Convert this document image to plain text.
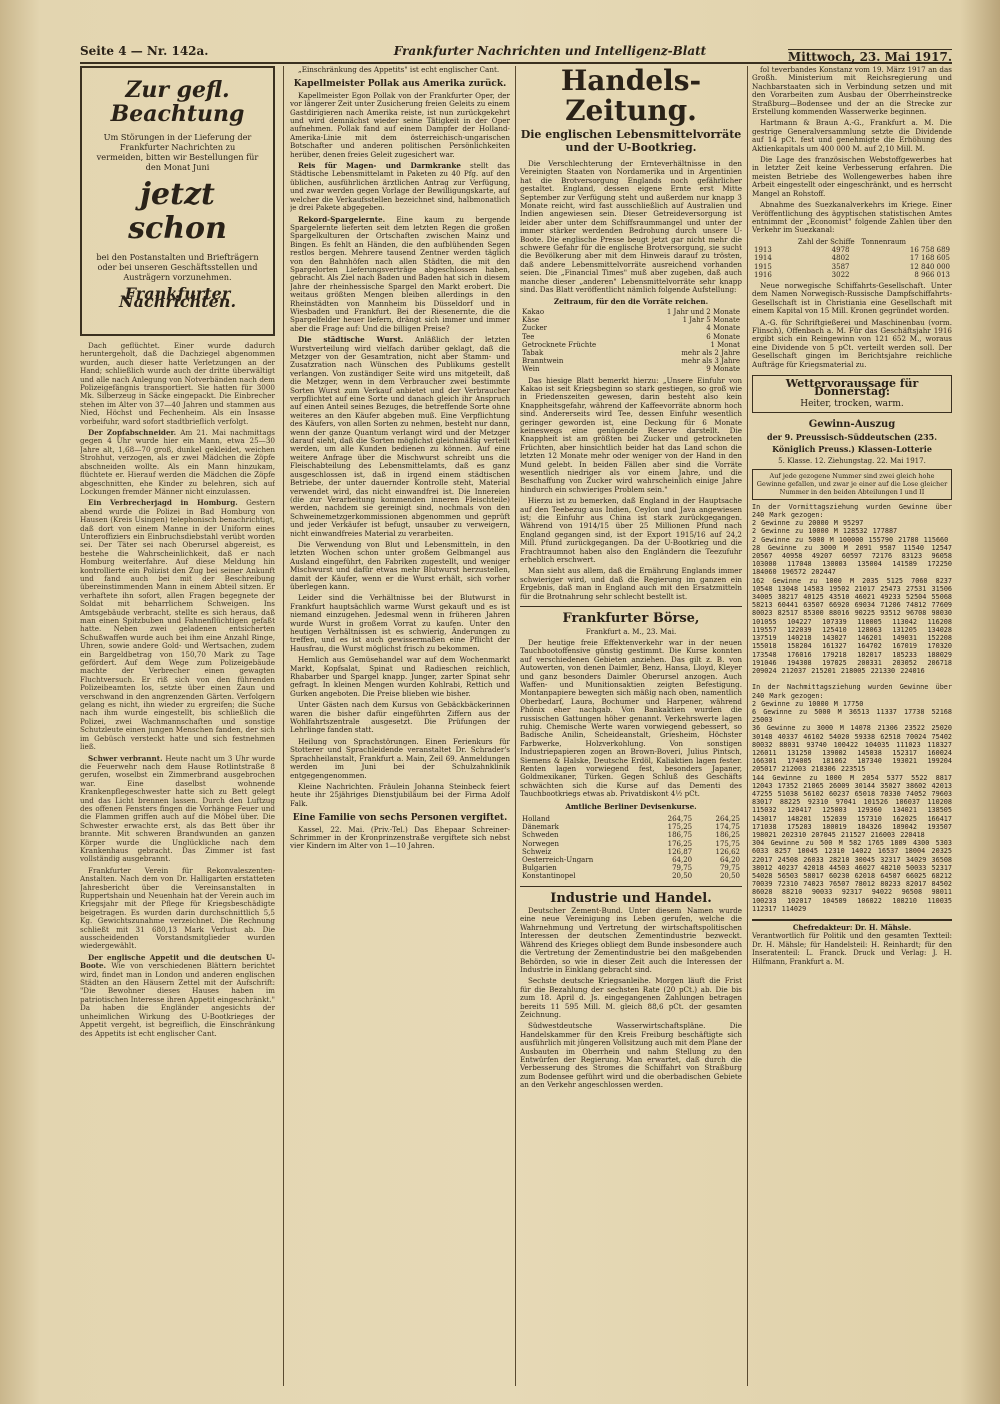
Seite 4 — Nr. 142a.	Frankfurter Nachrichten und Intelligenz-Blatt	Mittwoch, 23. Mai 1917.
Zur gefl. Beachtung
Um Störungen in der Lieferung der Frankfurter Nachrichten zu vermeiden, bitten wir Bestellungen für den Monat Juni
jetzt schon
bei den Postanstalten und Briefträgern oder bei unseren Geschäftsstellen und Austrägern vorzunehmen.
Frankfurter Nachrichten.

Dach geflüchtet. Einer wurde dadurch heruntergeholt, daß die Dachziegel abgenommen wurden, auch dieser hatte Verletzungen an der Hand; schließlich wurde auch der dritte überwältigt und alle nach Anlegung von Notverbänden nach dem Polizeigefängnis transportiert. Sie hatten für 3000 Mk. Silberzeug in Säcke eingepackt. Die Einbrecher stehen im Alter von 37—40 Jahren und stammen aus Nied, Höchst und Fechenheim. Als ein Insasse vorbeifuhr, ward sofort stadtbrieflich verfolgt.

Der Zopfabschneider. Am 21. Mai nachmittags gegen 4 Uhr wurde hier ein Mann, etwa 25—30 Jahre alt, 1,68—70 groß, dunkel gekleidet, weichen Strohhut, verzogen, als er zwei Mädchen die Zöpfe abschneiden wollte. Als ein Mann hinzukam, flüchtete er. Hierauf werden die Mädchen die Zöpfe abgeschnitten, ehe Kinder zu belehren, sich auf Lockungen fremder Männer nicht einzulassen.

Ein Verbrecherjagd in Homburg. Gestern abend wurde die Polizei in Bad Homburg von Hausen (Kreis Usingen) telephonisch benachrichtigt, daß dort von einem Manne in der Uniform eines Unteroffiziers ein Einbruchsdiebstahl verübt worden sei. Der Täter sei nach Oberursel abgereist, es bestehe die Wahrscheinlichkeit, daß er nach Homburg weiterfahre. Auf diese Meldung hin kontrollierte ein Polizist den Zug bei seiner Ankunft und fand auch bei mit der Beschreibung übereinstimmenden Mann in einem Abteil sitzen. Er verhaftete ihn sofort, allen Fragen begegnete der Soldat mit beharrlichem Schweigen. Ins Amtsgebäude verbracht, stellte es sich heraus, daß man einen Spitzbuben und Fahnenflüchtigen gefaßt hatte. Neben zwei geladenen entsicherten Schußwaffen wurde auch bei ihm eine Anzahl Ringe, Uhren, sowie andere Gold- und Wertsachen, zudem ein Bargeldbetrag von 150,70 Mark zu Tage gefördert. Auf dem Wege zum Polizeigebäude machte der Verbrecher einen gewagten Fluchtversuch. Er riß sich von den führenden Polizeibeamten los, setzte über einen Zaun und verschwand in den angrenzenden Gärten. Verfolgern gelang es nicht, ihn wieder zu ergreifen; die Suche nach ihm wurde eingestellt, bis schließlich die Polizei, zwei Wachmannschaften und sonstige Schutzleute einen jungen Menschen fanden, der sich im Gebüsch versteckt hatte und sich festnehmen ließ.

Schwer verbrannt. Heute nacht um 3 Uhr wurde die Feuerwehr nach dem Hause Rotlintstraße 8 gerufen, woselbst ein Zimmerbrand ausgebrochen war. Eine daselbst wohnende Krankenpflegeschwester hatte sich zu Bett gelegt und das Licht brennen lassen. Durch den Luftzug des offenen Fensters fingen die Vorhänge Feuer und die Flammen griffen auch auf die Möbel über. Die Schwester erwachte erst, als das Bett über ihr brannte. Mit schweren Brandwunden an ganzen Körper wurde die Unglückliche nach dem Krankenhaus gebracht. Das Zimmer ist fast vollständig ausgebrannt.

Frankfurter Verein für Rekonvaleszenten-Anstalten. Nach dem von Dr. Halligarten erstatteten Jahresbericht über die Vereinsanstalten in Ruppertshain und Neuenhain hat der Verein auch im Kriegsjahr mit der Pflege für Kriegsbeschädigte beigetragen. Es wurden darin durchschnittlich 5,5 Kg. Gewichtszunahme verzeichnet. Die Rechnung schließt mit 31 680,13 Mark Verlust ab. Die ausscheidenden Vorstandsmitglieder wurden wiedergewählt.

Der englische Appetit und die deutschen U-Boote. Wie von verschiedenen Blättern berichtet wird, findet man in London und anderen englischen Städten an den Häusern Zettel mit der Aufschrift: "Die Bewohner dieses Hauses haben im patriotischen Interesse ihren Appetit eingeschränkt." Da haben die Engländer angesichts der unheimlichen Wirkung des U-Bootkrieges der Appetit vergeht, ist begreiflich, die Einschränkung des Appetits ist echt englischer Cant.

„Einschränkung des Appetits" ist echt englischer Cant.

Kapellmeister Pollak aus Amerika zurück.

Kapellmeister Egon Pollak von der Frankfurter Oper, der vor längerer Zeit unter Zusicherung freien Geleits zu einem Gastdirigieren nach Amerika reiste, ist nun zurückgekehrt und wird demnächst wieder seine Tätigkeit in der Oper aufnehmen. Pollak fand auf einem Dampfer der Holland-Amerika-Linie mit dem österreichisch-ungarischen Botschafter und anderen politischen Persönlichkeiten herüber, denen freies Geleit zugesichert war.

Reis für Magen- und Darmkranke stellt das Städtische Lebensmittelamt in Paketen zu 40 Pfg. auf den üblichen, ausführlichen ärztlichen Antrag zur Verfügung, und zwar werden gegen Vorlage der Bewilligungskarte, auf welcher die Verkaufsstellen bezeichnet sind, halbmonatlich je drei Pakete abgegeben.

Rekord-Spargelernte. Eine kaum zu bergende Spargelernte lieferten seit dem letzten Regen die großen Spargelkulturen der Ortschaften zwischen Mainz und Bingen. Es fehlt an Händen, die den aufblühenden Segen restlos bergen. Mehrere tausend Zentner werden täglich von den Bahnhöfen nach allen Städten, die mit den Spargelorten Lieferungsverträge abgeschlossen haben, gebracht. Als Ziel nach Baden und Baden hat sich in diesem Jahre der rheinhessische Spargel den Markt erobert. Die weitaus größten Mengen bleiben allerdings in den Rheinstädten von Mannheim bis Düsseldorf und in Wiesbaden und Frankfurt. Bei der Riesenernte, die die Spargelfelder heuer liefern, drängt sich immer und immer aber die Frage auf: Und die billigen Preise?

Die städtische Wurst. Anläßlich der letzten Wurstverteilung wird vielfach darüber geklagt, daß die Metzger von der Gesamtration, nicht aber Stamm- und Zusatzration nach Wünschen des Publikums gestellt verlangen. Von zuständiger Seite wird uns mitgeteilt, daß die Metzger, wenn in dem Verbraucher zwei bestimmte Sorten Wurst zum Verkauf anbietet und der Verbraucher verpflichtet auf eine Sorte und danach gleich ihr Anspruch auf einen Anteil seines Bezuges, die betreffende Sorte ohne weiteres an den Käufer abgeben muß. Eine Verpflichtung des Käufers, von allen Sorten zu nehmen, besteht nur dann, wenn der ganze Quantum verlangt wird und der Metzger darauf sieht, daß die Sorten möglichst gleichmäßig verteilt werden, um alle Kunden bedienen zu können. Auf eine weitere Anfrage über die Mischwurst schreibt uns die Fleischabteilung des Lebensmittelamts, daß es ganz ausgeschlossen ist, daß in irgend einem städtischen Betriebe, der unter dauernder Kontrolle steht, Material verwendet wird, das nicht einwandfrei ist. Die Innereien (die zur Verarbeitung kommenden inneren Fleischteile) werden, nachdem sie gereinigt sind, nochmals von den Schweinemetzgerkommissionen abgenommen und geprüft und jeder Verkäufer ist befugt, unsauber zu verweigern, nicht einwandfreies Material zu verarbeiten.

Die Verwendung von Blut und Lebensmitteln, in den letzten Wochen schon unter großem Gelbmangel aus Ausland eingeführt, den Fabriken zugestellt, und weniger Mischwurst und dafür etwas mehr Blutwurst herzustellen, damit der Käufer, wenn er die Wurst erhält, sich vorher überlegen kann.

Leider sind die Verhältnisse bei der Blutwurst in Frankfurt hauptsächlich warme Wurst gekauft und es ist niemand einzugehen. Jedesmal wenn in früheren Jahren wurde Wurst in großem Vorrat zu kaufen. Unter den heutigen Verhältnissen ist es schwierig, Änderungen zu treffen, und es ist auch gewissermaßen eine Pflicht der Hausfrau, die Wurst möglichst frisch zu bekommen.

Hemlich aus Gemüsehandel war auf dem Wochenmarkt Markt, Kopfsalat, Spinat und Radieschen reichlich, Rhabarber und Spargel knapp. Junger, zarter Spinat sehr gefragt. In kleinen Mengen wurden Kohlrabi, Rettich und Gurken angeboten. Die Preise blieben wie bisher.

Unter Gästen nach dem Kursus von Gebäckbäckerinnen waren die bisher dafür eingeführten Ziffern aus der Wohlfahrtszentrale ausgesetzt. Die Prüfungen der Lehrlinge fanden statt.

Heilung von Sprachstörungen. Einen Ferienkurs für Stotterer und Sprachleidende veranstaltet Dr. Schrader's Sprachheilanstalt, Frankfurt a. Main, Zeil 69. Anmeldungen werden im Juni bei der Schulzahnklinik entgegengenommen.

Kleine Nachrichten. Fräulein Johanna Steinbeck feiert heute ihr 25jähriges Dienstjubiläum bei der Firma Adolf Falk.

Eine Familie von sechs Personen vergiftet.

Kassel, 22. Mai. (Priv.-Tel.) Das Ehepaar Schreiner-Schrimmer in der Kronprinzenstraße vergiftete sich nebst vier Kindern im Alter von 1—10 Jahren.

Handels-Zeitung.
Die englischen Lebensmittelvorräte und der U-Bootkrieg.

Die Verschlechterung der Ernteverhältnisse in den Vereinigten Staaten von Nordamerika und in Argentinien hat die Brotversorgung Englands noch gefährlicher gestaltet. England, dessen eigene Ernte erst Mitte September zur Verfügung steht und außerdem nur knapp 3 Monate reicht, wird fast ausschließlich auf Australien und Indien angewiesen sein. Dieser Getreideversorgung ist leider aber unter dem Schiffsraummangel und unter der immer stärker werdenden Bedrohung durch unsere U-Boote. Die englische Presse beugt jetzt gar nicht mehr die schwere Gefahr für die englische Brotversorgung, sie sucht die Bevölkerung aber mit dem Hinweis darauf zu trösten, daß andere Lebensmittelvorräte ausreichend vorhanden seien. Die „Financial Times" muß aber zugeben, daß auch manche dieser „anderen" Lebensmittelvorräte sehr knapp sind. Das Blatt veröffentlicht nämlich folgende Aufstellung:

Zeitraum, für den die Vorräte reichen.
Kakao	1 Jahr und 2 Monate
Käse	1 Jahr 5 Monate
Zucker	4 Monate
Tee	6 Monate
Getrocknete Früchte	1 Monat
Tabak	mehr als 2 Jahre
Branntwein	mehr als 3 Jahre
Wein	9 Monate

Das hiesige Blatt bemerkt hierzu: „Unsere Einfuhr von Kakao ist seit Kriegsbeginn so stark gestiegen, so groß wie in Friedenszeiten gewesen, darin besteht also kein Knappheitsgefahr, während der Kaffeevorräte abnorm hoch sind. Andererseits wird Tee, dessen Einfuhr wesentlich geringer geworden ist, eine Deckung für 6 Monate keineswegs eine genügende Reserve darstellt. Die Knappheit ist am größten bei Zucker und getrockneten Früchten, aber hinsichtlich beider hat das Land schon die letzten 12 Monate mehr oder weniger von der Hand in den Mund gelebt. In beiden Fällen aber sind die Vorräte wesentlich niedriger als vor einem Jahre, und die Beschaffung von Zucker wird wahrscheinlich einige Jahre hindurch ein schwieriges Problem sein."

Hierzu ist zu bemerken, daß England in der Hauptsache auf den Teebezug aus Indien, Ceylon und Java angewiesen ist; die Einfuhr aus China ist stark zurückgegangen. Während von 1914/15 über 25 Millionen Pfund nach England gegangen sind, ist der Export 1915/16 auf 24,2 Mill. Pfund zurückgegangen. Da der U-Bootkrieg und die Frachtraumnot haben also den Engländern die Teezufuhr erheblich erschwert.

Man sieht aus allem, daß die Ernährung Englands immer schwieriger wird, und daß die Regierung im ganzen ein Ergebnis, daß man in England auch mit den Ersatzmitteln für die Brotnahrung sehr schlecht bestellt ist.

Frankfurter Börse,
Frankfurt a. M., 23. Mai.

Der heutige freie Effektenverkehr war in der neuen Tauchbootoffensive günstig gestimmt. Die Kurse konnten auf verschiedenen Gebieten anziehen. Das gilt z. B. von Autowerten, von denen Daimler, Benz, Hansa, Lloyd, Kleyer und ganz besonders Daimler Oberursel anzogen. Auch Waffen- und Munitionsaktien zeigten Befestigung. Montanpapiere bewegten sich mäßig nach oben, namentlich Oberbedarf, Laura, Bochumer und Harpener, während Phönix eher nachgab. Von Bankaktien wurden die russischen Gattungen höher genannt. Verkehrswerte lagen ruhig. Chemische Werte waren vorwiegend gebessert, so Badische Anilin, Scheideanstalt, Griesheim, Höchster Farbwerke, Holzverkohlung. Von sonstigen Industriepapieren zogen an Brown-Boveri, Julius Pintsch, Siemens & Halske, Deutsche Erdöl, Kaliaktien lagen fester. Renten lagen vorwiegend fest, besonders Japaner, Goldmexikaner, Türken. Gegen Schluß des Geschäfts schwächten sich die Kurse auf das Dementi des Tauchbootkriegs etwas ab. Privatdiskont 4½ pCt.

Amtliche Berliner Devisenkurse.
Holland	264,75	264,25
Dänemark	175,25	174,75
Schweden	186,75	186,25
Norwegen	176,25	175,75
Schweiz	126,87	126,62
Oesterreich-Ungarn	64,20	64,20
Bulgarien	79,75	79,75
Konstantinopel	20,50	20,50
Industrie und Handel.

Deutscher Zement-Bund. Unter diesem Namen wurde eine neue Vereinigung ins Leben gerufen, welche die Wahrnehmung und Vertretung der wirtschaftspolitischen Interessen der deutschen Zementindustrie bezweckt. Während des Krieges obliegt dem Bunde insbesondere auch die Vertretung der Zementindustrie bei den maßgebenden Behörden, so wie in dieser Zeit auch die Interessen der Industrie in Einklang gebracht sind.

Sechste deutsche Kriegsanleihe. Morgen läuft die Frist für die Bezahlung der sechsten Rate (20 pCt.) ab. Die bis zum 18. April d. Js. eingegangenen Zahlungen betragen bereits 11 595 Mill. M. gleich 88,6 pCt. der gesamten Zeichnung.

Südwestdeutsche Wasserwirtschaftspläne. Die Handelskammer für den Kreis Freiburg beschäftigte sich ausführlich mit jüngeren Vollsitzung auch mit dem Plane der Ausbauten im Oberrhein und nahm Stellung zu den Entwürfen der Regierung. Man erwartet, daß durch die Verbesserung des Stromes die Schiffahrt von Straßburg zum Bodensee geführt wird und die oberbadischen Gebiete an den Verkehr angeschlossen werden.

fol teverbandes Konstanz vom 19. März 1917 an das Großh. Ministerium mit Reichsregierung und Nachbarstaaten sich in Verbindung setzen und mit den Vorarbeiten zum Ausbau der Oberrheinstrecke Straßburg—Bodensee und der an die Strecke zur Erstellung kommenden Wasserwerke beginnen.

Hartmann & Braun A.-G., Frankfurt a. M. Die gestrige Generalversammlung setzte die Dividende auf 14 pCt. fest und genehmigte die Erhöhung des Aktienkapitals um 400 000 M. auf 2,10 Mill. M.

Die Lage des französischen Webstoffgewerbes hat in letzter Zeit keine Verbesserung erfahren. Die meisten Betriebe des Wollengewerbes haben ihre Arbeit eingestellt oder eingeschränkt, und es herrscht Mangel an Rohstoff.

Abnahme des Suezkanalverkehrs im Kriege. Einer Veröffentlichung des ägyptischen statistischen Amtes entnimmt der „Economist" folgende Zahlen über den Verkehr im Suezkanal:

Zahl der Schiffe   Tonnenraum
1913	4978	16 758 689
1914	4802	17 168 605
1915	3587	12 840 000
1916	3022	8 966 013

Neue norwegische Schiffahrts-Gesellschaft. Unter dem Namen Norwegisch-Russische Dampfschiffahrts-Gesellschaft ist in Christiania eine Gesellschaft mit einem Kapital von 15 Mill. Kronen gegründet worden.

A.-G. für Schriftgießerei und Maschinenbau (vorm. Flinsch), Offenbach a. M. Für das Geschäftsjahr 1916 ergibt sich ein Reingewinn von 121 652 M., woraus eine Dividende von 5 pCt. verteilt werden soll. Der Gesellschaft gingen im Berichtsjahre reichliche Aufträge für Kriegsmaterial zu.

Wettervoraussage für Donnerstag:
Heiter, trocken, warm.
Gewinn-Auszug
der 9. Preussisch-Süddeutschen (235. Königlich Preuss.) Klassen-Lotterie
5. Klasse. 12. Ziehungstag. 22. Mai 1917.
Auf jede gezogene Nummer sind zwei gleich hohe Gewinne gefallen, und zwar je einer auf die Lose gleicher Nummer in den beiden Abteilungen I und II
In der Vormittagsziehung wurden Gewinne über 240 Mark gezogen:
2 Gewinne zu 20000 M 95297
2 Gewinne zu 10000 M 128532 177887
2 Gewinne zu 5000 M 100000 155790 21780 115660
28 Gewinne zu 3000 M 2091 9587 11540 12547 20567 40958 49207 60597 72176 83123 96058 103000 117048 130003 135004 141589 172250 184060 196572 202447
162 Gewinne zu 1000 M 2035 5125 7060 8237 10548 13048 14583 19502 21017 25473 27531 31506 34005 38217 40125 43510 46021 49233 52504 55068 58213 60441 63507 66920 69034 71206 74812 77609 80023 82517 85300 88016 90225 93512 96708 98030 101055 104227 107339 110005 113042 116208 119557 122039 125410 128063 131205 134028 137519 140218 143027 146201 149031 152208 155018 158204 161327 164702 167019 170320 173548 176016 179218 182017 185233 188029 191046 194308 197025 200331 203052 206718 209024 212037 215201 218005 221330 224016

In der Nachmittagsziehung wurden Gewinne über 240 Mark gezogen:
2 Gewinne zu 10000 M 17750
6 Gewinne zu 5000 M 36513 11337 17738 52168 25003
36 Gewinne zu 3000 M 14078 21306 23522 25020 30148 40337 46102 54020 59338 62518 70024 75402 80032 88031 93740 100422 104035 111023 118327 126011 131250 139002 145038 152317 160024 166301 174005 181062 187340 193021 199204 205017 212003 218306 223515
144 Gewinne zu 1000 M 2054 5377 5522 8817 12043 17352 21065 26009 30144 35027 38602 42013 47255 51038 56102 60237 65018 70330 74052 79603 83017 88225 92310 97041 101526 106037 110208 115032 120417 125003 129360 134021 138505 143017 148201 152039 157310 162025 166417 171038 175203 180019 184326 189042 193507 198021 202310 207045 211527 216003 220418
304 Gewinne zu 500 M 582 1765 1809 4300 5303 6033 8257 10045 12310 14022 16537 18004 20325 22017 24508 26033 28210 30045 32317 34029 36508 38012 40237 42018 44503 46027 48210 50033 52317 54028 56503 58017 60230 62018 64507 66025 68212 70039 72310 74023 76507 78012 80233 82017 84502 86028 88210 90033 92317 94022 96508 98011 100233 102017 104509 106022 108210 110035 112317 114029
Chefredakteur: Dr. H. Mähsle.
Verantwortlich für Politik und den gesamten Textteil: Dr. H. Mähsle; für Handelsteil: H. Reinhardt; für den Inseratenteil: L. Franck. Druck und Verlag: J. H. Hilfmann, Frankfurt a. M.
